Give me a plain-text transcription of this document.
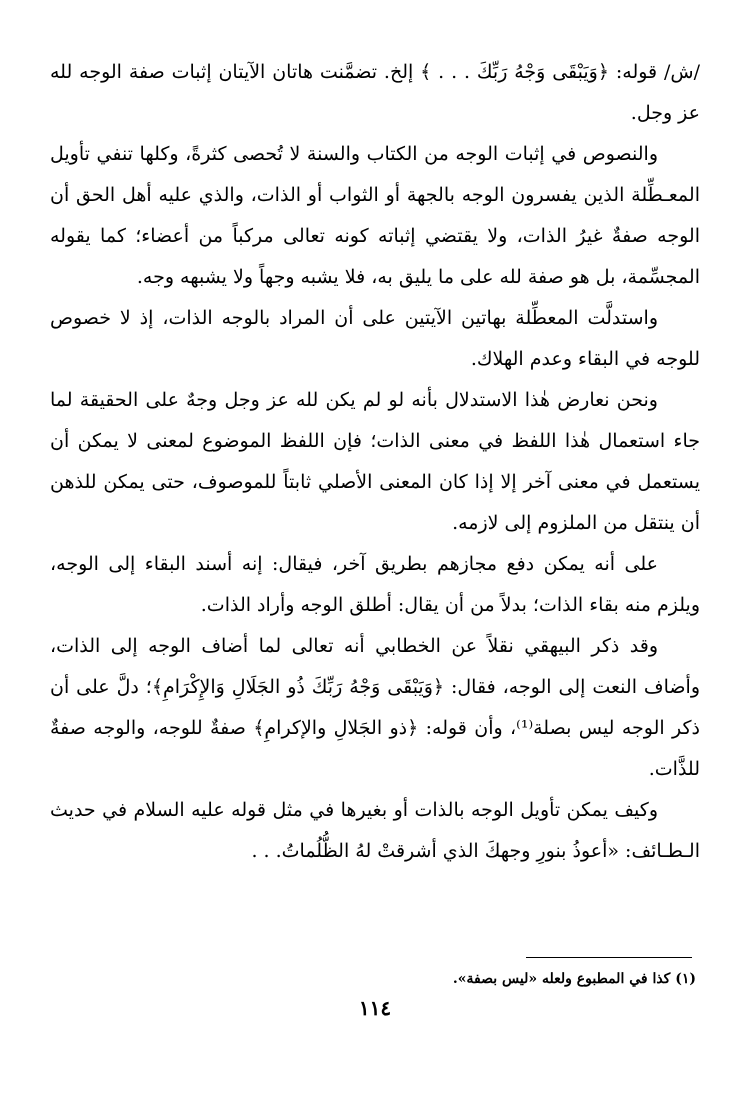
/ش/ قوله: ﴿وَيَبْقَى وَجْهُ رَبِّكَ . . . ﴾ إلخ. تضمَّنت هاتان الآيتان إثبات صفة الوجه لله عز وجل.

والنصوص في إثبات الوجه من الكتاب والسنة لا تُحصى كثرةً، وكلها تنفي تأويل المعـطِّلة الذين يفسرون الوجه بالجهة أو الثواب أو الذات، والذي عليه أهل الحق أن الوجه صفةٌ غيرُ الذات، ولا يقتضي إثباته كونه تعالى مركباً من أعضاء؛ كما يقوله المجسِّمة، بل هو صفة لله على ما يليق به، فلا يشبه وجهاً ولا يشبهه وجه.

واستدلَّت المعطِّلة بهاتين الآيتين على أن المراد بالوجه الذات، إذ لا خصوص للوجه في البقاء وعدم الهلاك.

ونحن نعارض هٰذا الاستدلال بأنه لو لم يكن لله عز وجل وجهٌ على الحقيقة لما جاء استعمال هٰذا اللفظ في معنى الذات؛ فإن اللفظ الموضوع لمعنى لا يمكن أن يستعمل في معنى آخر إلا إذا كان المعنى الأصلي ثابتاً للموصوف، حتى يمكن للذهن أن ينتقل من الملزوم إلى لازمه.

على أنه يمكن دفع مجازهم بطريق آخر، فيقال: إنه أسند البقاء إلى الوجه، ويلزم منه بقاء الذات؛ بدلاً من أن يقال: أطلق الوجه وأراد الذات.

وقد ذكر البيهقي نقلاً عن الخطابي أنه تعالى لما أضاف الوجه إلى الذات، وأضاف النعت إلى الوجه، فقال: ﴿وَيَبْقَى وَجْهُ رَبِّكَ ذُو الجَلَالِ وَالإِكْرَامِ﴾؛ دلَّ على أن ذكر الوجه ليس بصلة⁽¹⁾، وأن قوله: ﴿ذو الجَلالِ والإكرامِ﴾ صفةٌ للوجه، والوجه صفةٌ للذَّات.

وكيف يمكن تأويل الوجه بالذات أو بغيرها في مثل قوله عليه السلام في حديث الـطـائف: «أعوذُ بنورِ وجهكَ الذي أشرقتْ لهُ الظُّلُماتُ. . .

(١) كذا في المطبوع ولعله «ليس بصفة».
١١٤
